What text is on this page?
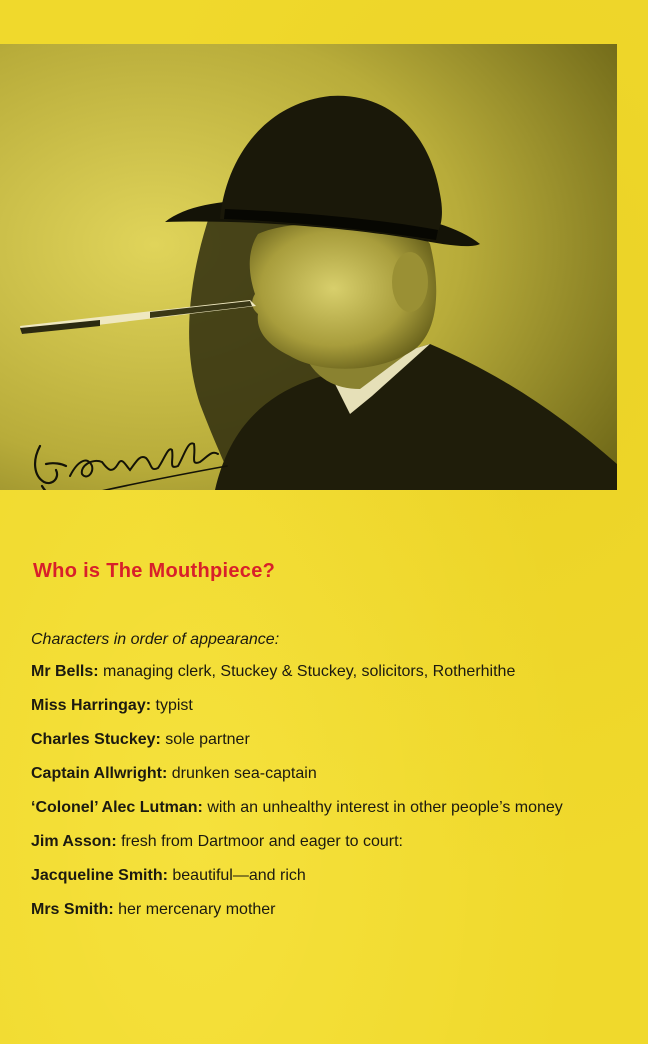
Who is The Mouthpiece?
Characters in order of appearance:
Mr Bells: managing clerk, Stuckey & Stuckey, solicitors, Rotherhithe
Miss Harringay: typist
Charles Stuckey: sole partner
Captain Allwright: drunken sea-captain
‘Colonel’ Alec Lutman: with an unhealthy interest in other people’s money
Jim Asson: fresh from Dartmoor and eager to court:
Jacqueline Smith: beautiful—and rich
Mrs Smith: her mercenary mother
